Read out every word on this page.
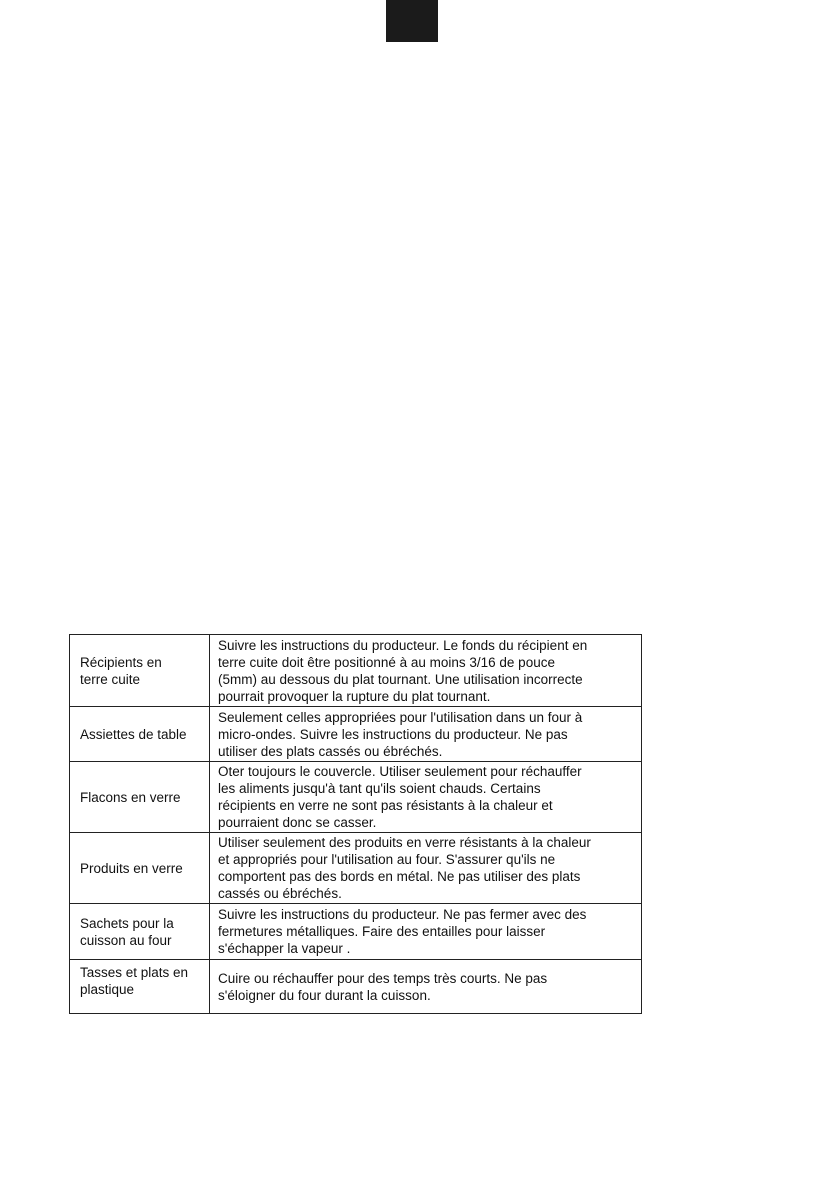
Récipients en
terre cuite	Suivre les instructions du producteur. Le fonds du récipient en
terre cuite doit être positionné à au moins 3/16 de pouce
(5mm) au dessous du plat tournant. Une utilisation incorrecte
pourrait provoquer la rupture du plat tournant.
Assiettes de table	Seulement celles appropriées pour l'utilisation dans un four à
micro-ondes. Suivre les instructions du producteur. Ne pas
utiliser des plats cassés ou ébréchés.
Flacons en verre	Oter toujours le couvercle. Utiliser seulement pour réchauffer
les aliments jusqu'à tant qu'ils soient chauds. Certains
récipients en verre ne sont pas résistants à la chaleur et
pourraient donc se casser.
Produits en verre	Utiliser seulement des produits en verre résistants à la chaleur
et appropriés pour l'utilisation au four. S'assurer qu'ils ne
comportent pas des bords en métal. Ne pas utiliser des plats
cassés ou ébréchés.
Sachets pour la
cuisson au four	Suivre les instructions du producteur. Ne pas fermer avec des
fermetures métalliques. Faire des entailles pour laisser
s'échapper la vapeur .
Tasses et plats en
plastique	Cuire ou réchauffer pour des temps très courts. Ne pas
s'éloigner du four durant la cuisson.
